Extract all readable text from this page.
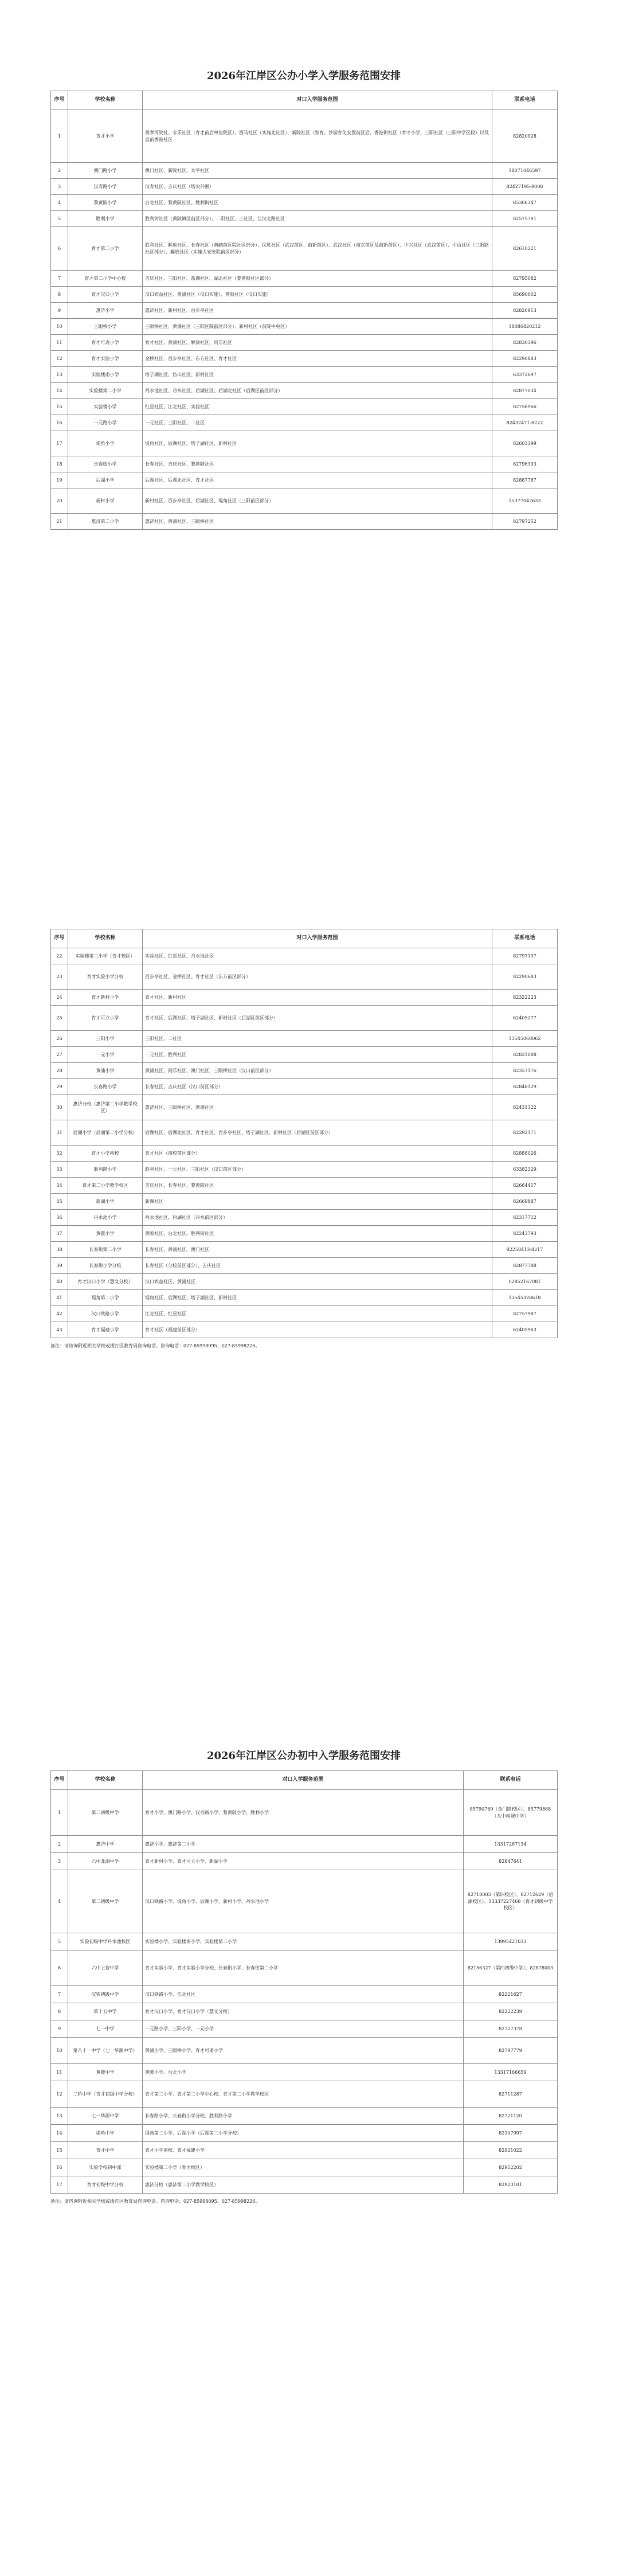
2026年江岸区公办小学入学服务范围安排
序号	学校名称	对口入学服务范围	联系电话
1	育才小学	黄孝河院社、永乐社区（育才前后单位院区）、西马社区（实施北社区）、新院社区（智育、沙园育化安置前区后，香港街社区（育才小学、三阳社区（三阳中学区段）以及直前香港社区	82820928
2	澳门路小学	澳门社区、新院社区、太平社区	18071046597
3	汉寿路小学	汉寿社区、吉庆社区（塔尖外围）	82427195-8008
4	黎黄陂小学	台北社区、黎黄陂社区、胜利街社区	85306347
5	胜利小学	胜利街社区（黄陂镇区前区部分）、二阳社区、三社区、江汉北路社区	82575791
6	育才第二小学	胜利社区、解放社区、长春社区（黄鹂前区院社区部分）、民胜社区（武汉前区、前新前区）、武汉社区（南京前区及前新前区）、中兴社区（武汉前区）、中山社区（三阳路社区部分）、解放社区（实施大安安院前区部分）	82610221
7	育才第二小学中心校	吉庆社区、三阳社区、盐湖社区、湖北社区（黎黄陂社区部分）	82795082
8	育才汉口小学	汉口宾益社区、黄浦社区（汉口实施）、黄陂社区（汉口实施）	85690602
9	惠济小学	惠济社区、新村社区、百步亭社区	82826913
10	三眼桥小学	三眼桥社区、黄浦社区（三阳区院前区部分）、新村社区（前院中央区）	18086420212
11	育才可斋小学	育才社区、黄浦社区、解放社区、同乐社区	82830396
12	育才实验小学	金桥社区、百步亭社区、东方社区、育才社区	82290883
13	实验楼南小学	塔子湖社区、岱山社区、新村社区	63372697
14	实验楼第二小学	丹水池社区、丹水社区、后湖社区、后湖北社区（后湖区前区部分）	82877034
15	实验楼小学	红星社区、江北社区、实验社区	82756966
16	一元路小学	一元社区、三阳社区、二社区	82432471-8222
17	堤角小学	堤角社区、后湖社区、塔子湖社区、新村社区	82603399
18	长春街小学	长春社区、吉庆社区、黎黄陂社区	82796393
19	后湖小学	后湖社区、后湖北社区、育才社区	82887787
20	新村小学	新村社区、百步亭社区、后湖社区、堤角社区（三阳前区部分）	15377047633
21	惠济第二小学	惠济社区、黄浦社区、三眼桥社区	82797252
序号	学校名称	对口入学服务范围	联系电话
22	实验楼第二小学（育才校区）	实验社区、红星社区、丹水池社区	82797197
23	育才实验小学分校	百步亭社区、金桥社区、育才社区（东方前区部分）	82290683
24	育才新村小学	育才社区、新村社区	82322223
25	育才可立小学	育才社区、后湖社区、塔子湖社区、新村社区（后湖区前区部分）	62405277
26	三阳小学	三阳社区、二社区	13545068062
27	一元小学	一元社区、胜利社区	82821088
28	黄浦小学	黄浦社区、同乐社区、澳门社区、三眼桥社区（汉口前区部分）	82357176
29	长春路小学	长春社区、吉庆社区（汉口前区部分）	82848129
30	惠济分校（惠济第二小学教学校区）	惠济社区、三眼桥社区、黄浦社区	82431322
31	后湖小学（后湖第二小学分校）	后湖社区、后湖北社区、育才社区、百步亭社区、塔子湖社区、新村社区（后湖区前区部分）	82292171
32	育才小学南校	育才社区（南校前区部分）	82888026
33	胜利路小学	胜利社区、一元社区、三阳社区（汉口前区部分）	63382329
34	育才第二小学教学校区	吉庆社区、长春社区、黎黄陂社区	82664417
35	新湖小学	新湖社区	82669887
36	丹水池小学	丹水池社区、后湖社区（丹水前区部分）	82317712
37	黄陂小学	黄陂社区、台北社区、胜利街社区	82243793
38	长春街第二小学	长春社区、黄浦社区、澳门社区	82258413-8217
39	长春街小学分校	长春社区（分校前区部分）、吉庆社区	82877788
40	育才汉口小学（慧文分校）	汉口宾益社区、黄浦社区	02852167081
41	堤角第二小学	堤角社区、后湖社区、塔子湖社区、新村社区	13545328618
42	汉口铁路小学	江北社区、红星社区	82757987
43	育才福建小学	育才社区（福建前区部分）	62405963
备注：请咨询附近相关学校或拨打区教育局咨询电话。咨询电话：027-85998095、027-85998226。
2026年江岸区公办初中入学服务范围安排
序号	学校名称	对口入学服务范围	联系电话
1	第二初级中学	育才小学、澳门路小学、汉寿路小学、黎黄陂小学、胜利小学	85790769（金门路校区）、85779868（九中南城中学）
2	惠济中学	惠济小学、惠济第二小学	13317267134
3	六中北湖中学	育才新村小学、育才可立小学、新湖小学	82847641
4	第二初级中学	汉口铁路小学、堤角小学、后湖小学、新村小学、丹水池小学	82718003（第四校区）、82712629（后湖校区）、13337227468（育才初级中学校区）
5	实验初级中学丹水池校区	实验楼小学、实验楼南小学、实验楼第二小学	13995421033
6	六中上智中学	育才实验小学、育才实验小学分校、长春街小学、长春街第二小学	82156327（第四初级中学）、82878003
7	汉铁初级中学	汉口铁路小学、江北社区	82221627
8	第十五中学	育才汉口小学、育才汉口小学（慧文分校）	82222239
9	七一中学	一元路小学、三阳小学、一元小学	82727378
10	第八十一中学（七一华源中学）	黄浦小学、三眼桥小学、育才可斋小学	82797779
11	黄陂中学	黄陂小学、台北小学	13317166659
12	二桥中学（育才初级中学分校）	育才第二小学、育才第二小学中心校、育才第二小学教学校区	82711287
13	七一华源中学	长春路小学、长春街小学分校、胜利路小学	82721120
14	堤角中学	堤角第二小学、后湖小学（后湖第二小学分校）	82307997
15	育才中学	育才小学南校、育才福建小学	82921022
16	实验学校初中部	实验楼第二小学（育才校区）	82952202
17	育才初级中学分校	惠济分校（惠济第二小学教学校区）	82923101
备注：请咨询附近相关学校或拨打区教育局咨询电话。咨询电话：027-85998095、027-85998226。
